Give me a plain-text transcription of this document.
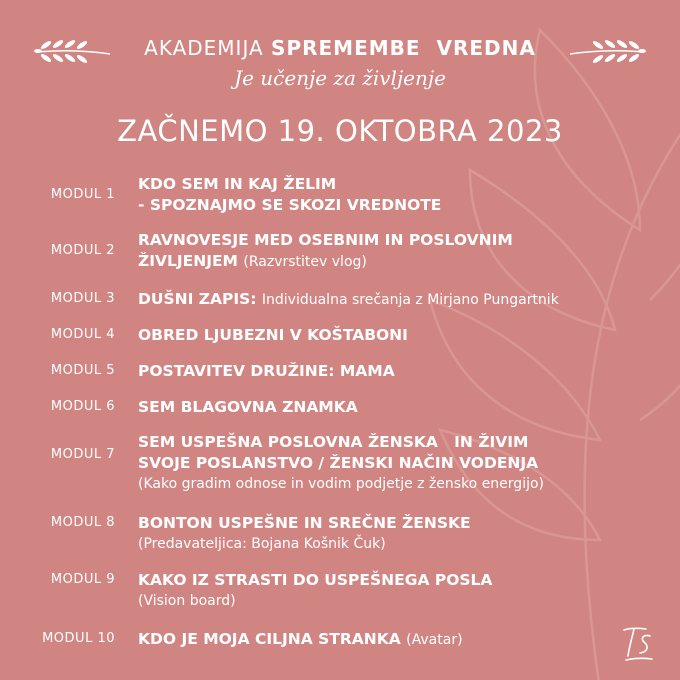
AKADEMIJA SPREMEMBE  VREDNA
Je učenje za življenje
ZAČNEMO 19. OKTOBRA 2023
MODUL 1
KDO SEM IN KAJ ŽELIM
- SPOZNAJMO SE SKOZI VREDNOTE
MODUL 2
RAVNOVESJE MED OSEBNIM IN POSLOVNIM
ŽIVLJENJEM (Razvrstitev vlog)
MODUL 3 DUŠNI ZAPIS: Individualna srečanja z Mirjano Pungartnik
MODUL 4 OBRED LJUBEZNI V KOŠTABONI
MODUL 5 POSTAVITEV DRUŽINE: MAMA
MODUL 6 SEM BLAGOVNA ZNAMKA
MODUL 7
SEM USPEŠNA POSLOVNA ŽENSKA   IN ŽIVIM
SVOJE POSLANSTVO / ŽENSKI NAČIN VODENJA
(Kako gradim odnose in vodim podjetje z žensko energijo)
MODUL 8 BONTON USPEŠNE IN SREČNE ŽENSKE
(Predavateljica: Bojana Košnik Čuk)
MODUL 9 KAKO IZ STRASTI DO USPEŠNEGA POSLA
(Vision board)
MODUL 10 KDO JE MOJA CILJNA STRANKA (Avatar)
